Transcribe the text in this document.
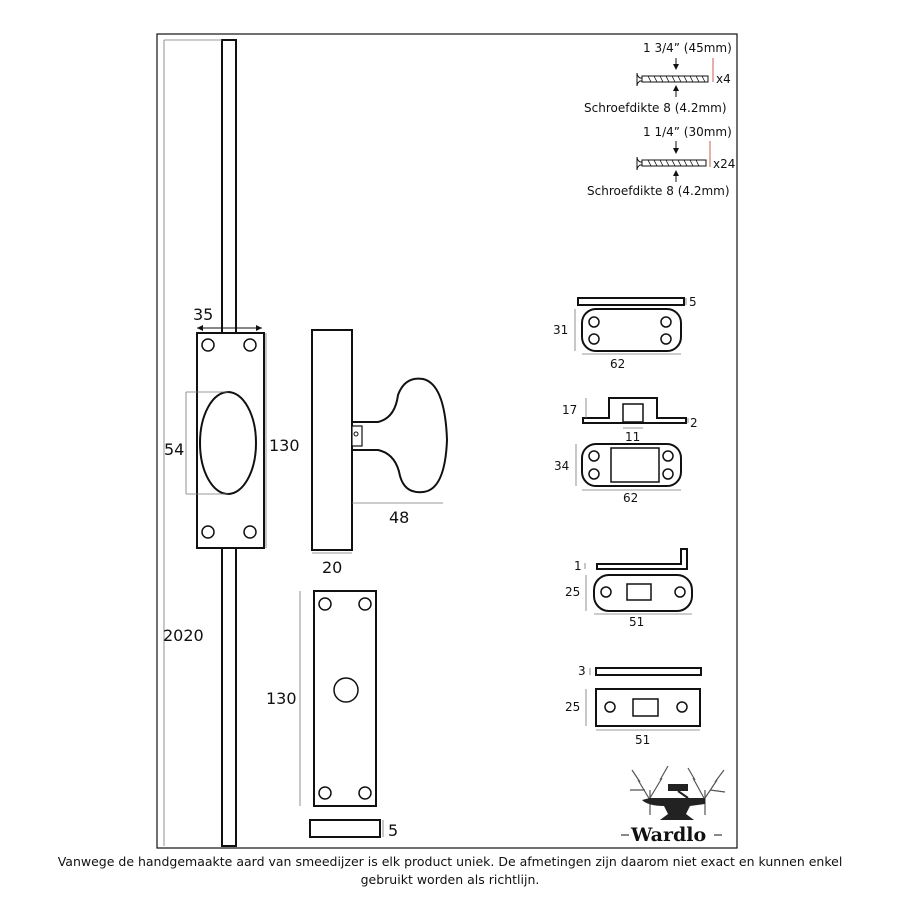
2020
35
130
54
48
20
130
5
1 3/4” (45mm)
x4
Schroefdikte 8 (4.2mm)
1 1/4” (30mm)
x24
Schroefdikte 8 (4.2mm)
5
31
62
17
11
2
34
62
1
25
51
3
25
51
Wardlo
Vanwege de handgemaakte aard van smeedijzer is elk product uniek. De afmetingen zijn daarom niet exact en kunnen enkel gebruikt worden als richtlijn.
